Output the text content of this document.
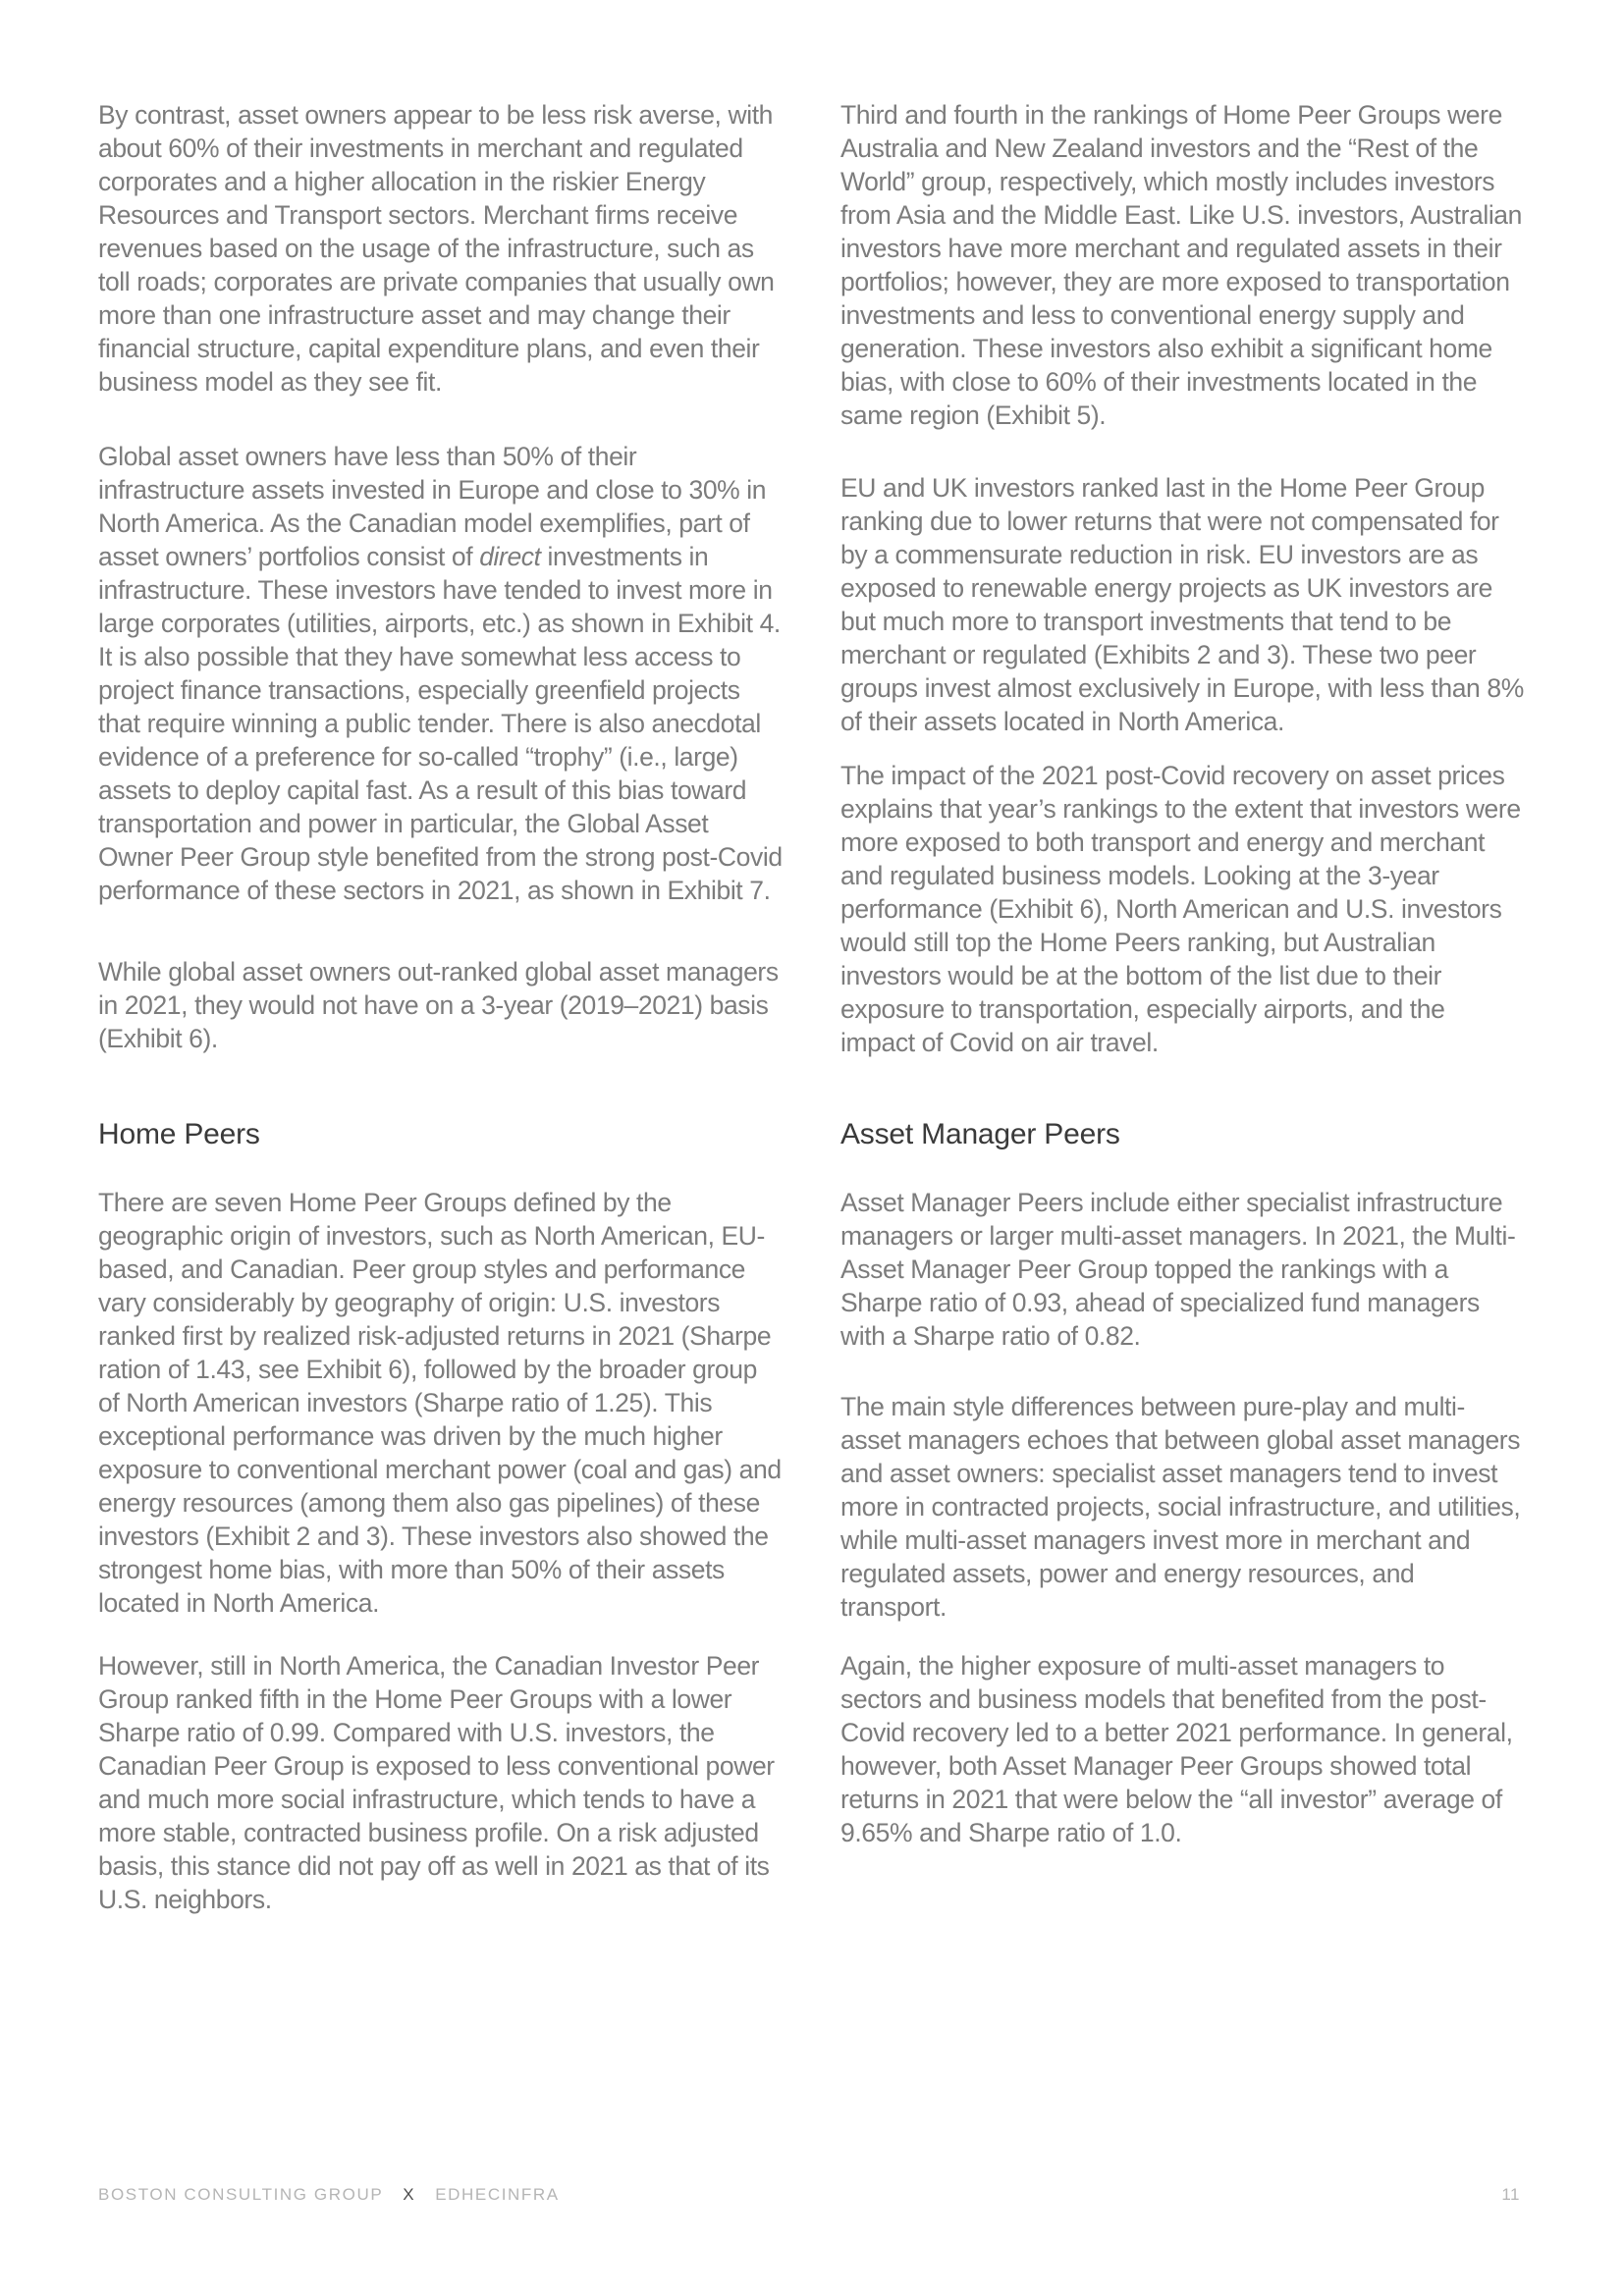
By contrast, asset owners appear to be less risk averse, with about 60% of their investments in merchant and regulated corporates and a higher allocation in the riskier Energy Resources and Transport sectors. Merchant firms receive revenues based on the usage of the infrastructure, such as toll roads; corporates are private companies that usually own more than one infrastructure asset and may change their financial structure, capital expenditure plans, and even their business model as they see fit.

Global asset owners have less than 50% of their infrastructure assets invested in Europe and close to 30% in North America. As the Canadian model exemplifies, part of asset owners’ portfolios consist of direct investments in infrastructure. These investors have tended to invest more in large corporates (utilities, airports, etc.) as shown in Exhibit 4. It is also possible that they have somewhat less access to project finance transactions, especially greenfield projects that require winning a public tender. There is also anecdotal evidence of a preference for so-called “trophy” (i.e., large) assets to deploy capital fast. As a result of this bias toward transportation and power in particular, the Global Asset Owner Peer Group style benefited from the strong post-Covid performance of these sectors in 2021, as shown in Exhibit 7.

While global asset owners out-ranked global asset managers in 2021, they would not have on a 3-year (2019–2021) basis (Exhibit 6).

Home Peers

There are seven Home Peer Groups defined by the geographic origin of investors, such as North American, EU-based, and Canadian. Peer group styles and performance vary considerably by geography of origin: U.S. investors ranked first by realized risk-adjusted returns in 2021 (Sharpe ration of 1.43, see Exhibit 6), followed by the broader group of North American investors (Sharpe ratio of 1.25). This exceptional performance was driven by the much higher exposure to conventional merchant power (coal and gas) and energy resources (among them also gas pipelines) of these investors (Exhibit 2 and 3). These investors also showed the strongest home bias, with more than 50% of their assets located in North America.

However, still in North America, the Canadian Investor Peer Group ranked fifth in the Home Peer Groups with a lower Sharpe ratio of 0.99. Compared with U.S. investors, the Canadian Peer Group is exposed to less conventional power and much more social infrastructure, which tends to have a more stable, contracted business profile. On a risk adjusted basis, this stance did not pay off as well in 2021 as that of its U.S. neighbors.

Third and fourth in the rankings of Home Peer Groups were Australia and New Zealand investors and the “Rest of the World” group, respectively, which mostly includes investors from Asia and the Middle East. Like U.S. investors, Australian investors have more merchant and regulated assets in their portfolios; however, they are more exposed to transportation investments and less to conventional energy supply and generation. These investors also exhibit a significant home bias, with close to 60% of their investments located in the same region (Exhibit 5).

EU and UK investors ranked last in the Home Peer Group ranking due to lower returns that were not compensated for by a commensurate reduction in risk. EU investors are as exposed to renewable energy projects as UK investors are but much more to transport investments that tend to be merchant or regulated (Exhibits 2 and 3). These two peer groups invest almost exclusively in Europe, with less than 8% of their assets located in North America.

The impact of the 2021 post-Covid recovery on asset prices explains that year’s rankings to the extent that investors were more exposed to both transport and energy and merchant and regulated business models. Looking at the 3-year performance (Exhibit 6), North American and U.S. investors would still top the Home Peers ranking, but Australian investors would be at the bottom of the list due to their exposure to transportation, especially airports, and the impact of Covid on air travel.

Asset Manager Peers

Asset Manager Peers include either specialist infrastructure managers or larger multi-asset managers. In 2021, the Multi-Asset Manager Peer Group topped the rankings with a Sharpe ratio of 0.93, ahead of specialized fund managers with a Sharpe ratio of 0.82.

The main style differences between pure-play and multi-asset managers echoes that between global asset managers and asset owners: specialist asset managers tend to invest more in contracted projects, social infrastructure, and utilities, while multi-asset managers invest more in merchant and regulated assets, power and energy resources, and transport.

Again, the higher exposure of multi-asset managers to sectors and business models that benefited from the post-Covid recovery led to a better 2021 performance. In general, however, both Asset Manager Peer Groups showed total returns in 2021 that were below the “all investor” average of 9.65% and Sharpe ratio of 1.0.

BOSTON CONSULTING GROUP X EDHECINFRA	11
